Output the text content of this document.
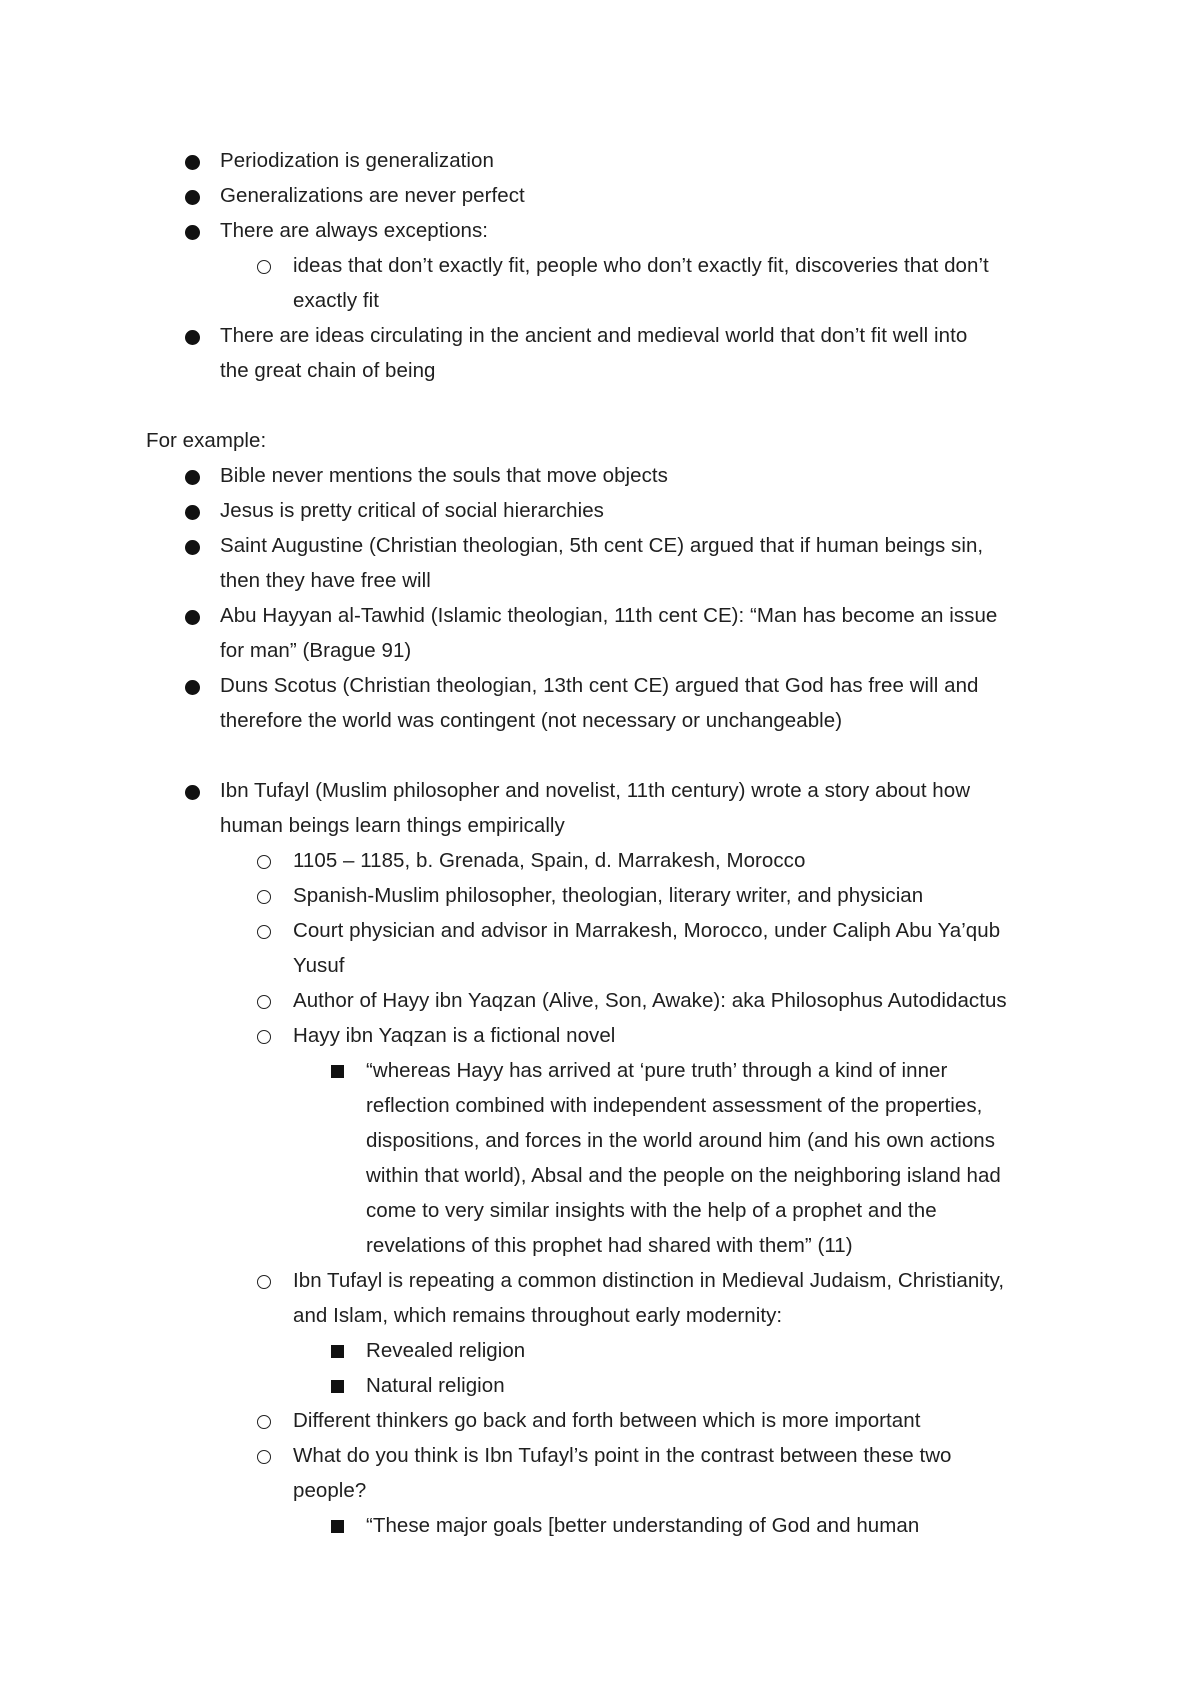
Periodization is generalization
Generalizations are never perfect
There are always exceptions:
ideas that don’t exactly fit, people who don’t exactly fit, discoveries that don’t
exactly fit
There are ideas circulating in the ancient and medieval world that don’t fit well into
the great chain of being
For example:
Bible never mentions the souls that move objects
Jesus is pretty critical of social hierarchies
Saint Augustine (Christian theologian, 5th cent CE) argued that if human beings sin,
then they have free will
Abu Hayyan al-Tawhid (Islamic theologian, 11th cent CE): “Man has become an issue
for man” (Brague 91)
Duns Scotus (Christian theologian, 13th cent CE) argued that God has free will and
therefore the world was contingent (not necessary or unchangeable)
Ibn Tufayl (Muslim philosopher and novelist, 11th century) wrote a story about how
human beings learn things empirically
1105 – 1185, b. Grenada, Spain, d. Marrakesh, Morocco
Spanish-Muslim philosopher, theologian, literary writer, and physician
Court physician and advisor in Marrakesh, Morocco, under Caliph Abu Ya’qub
Yusuf
Author of Hayy ibn Yaqzan (Alive, Son, Awake): aka Philosophus Autodidactus
Hayy ibn Yaqzan is a fictional novel
“whereas Hayy has arrived at ‘pure truth’ through a kind of inner
reflection combined with independent assessment of the properties,
dispositions, and forces in the world around him (and his own actions
within that world), Absal and the people on the neighboring island had
come to very similar insights with the help of a prophet and the
revelations of this prophet had shared with them” (11)
Ibn Tufayl is repeating a common distinction in Medieval Judaism, Christianity,
and Islam, which remains throughout early modernity:
Revealed religion
Natural religion
Different thinkers go back and forth between which is more important
What do you think is Ibn Tufayl’s point in the contrast between these two
people?
“These major goals [better understanding of God and human
